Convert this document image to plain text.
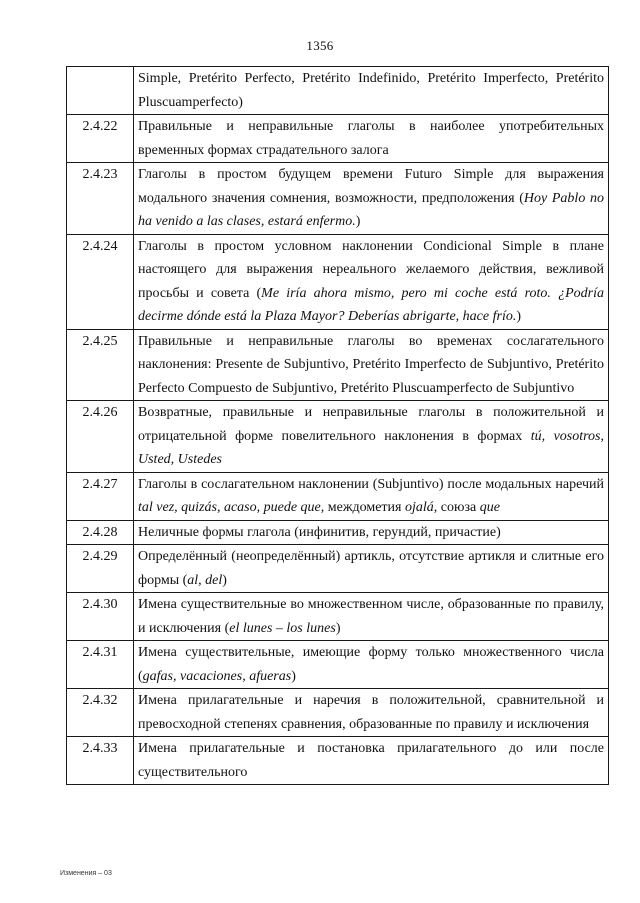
1356
	Simple, Pretérito Perfecto, Pretérito Indefinido, Pretérito Imperfecto, Pretérito Pluscuamperfecto)
2.4.22	Правильные и неправильные глаголы в наиболее употребительных временных формах страдательного залога
2.4.23	Глаголы в простом будущем времени Futuro Simple для выражения модального значения сомнения, возможности, предположения (Hoy Pablo no ha venido a las clases, estará enfermo.)
2.4.24	Глаголы в простом условном наклонении Condicional Simple в плане настоящего для выражения нереального желаемого действия, вежливой просьбы и совета (Me iría ahora mismo, pero mi coche está roto. ¿Podría decirme dónde está la Plaza Mayor? Deberías abrigarte, hace frío.)
2.4.25	Правильные и неправильные глаголы во временах сослагательного наклонения: Presente de Subjuntivo, Pretérito Imperfecto de Subjuntivo, Pretérito Perfecto Compuesto de Subjuntivo, Pretérito Pluscuamperfecto de Subjuntivo
2.4.26	Возвратные, правильные и неправильные глаголы в положительной и отрицательной форме повелительного наклонения в формах tú, vosotros, Usted, Ustedes
2.4.27	Глаголы в сослагательном наклонении (Subjuntivo) после модальных наречий tal vez, quizás, acaso, puede que, междометия ojalá, союза que
2.4.28	Неличные формы глагола (инфинитив, герундий, причастие)
2.4.29	Определённый (неопределённый) артикль, отсутствие артикля и слитные его формы (al, del)
2.4.30	Имена существительные во множественном числе, образованные по правилу, и исключения (el lunes – los lunes)
2.4.31	Имена существительные, имеющие форму только множественного числа (gafas, vacaciones, afueras)
2.4.32	Имена прилагательные и наречия в положительной, сравнительной и превосходной степенях сравнения, образованные по правилу и исключения
2.4.33	Имена прилагательные и постановка прилагательного до или после существительного
Изменения – 03
